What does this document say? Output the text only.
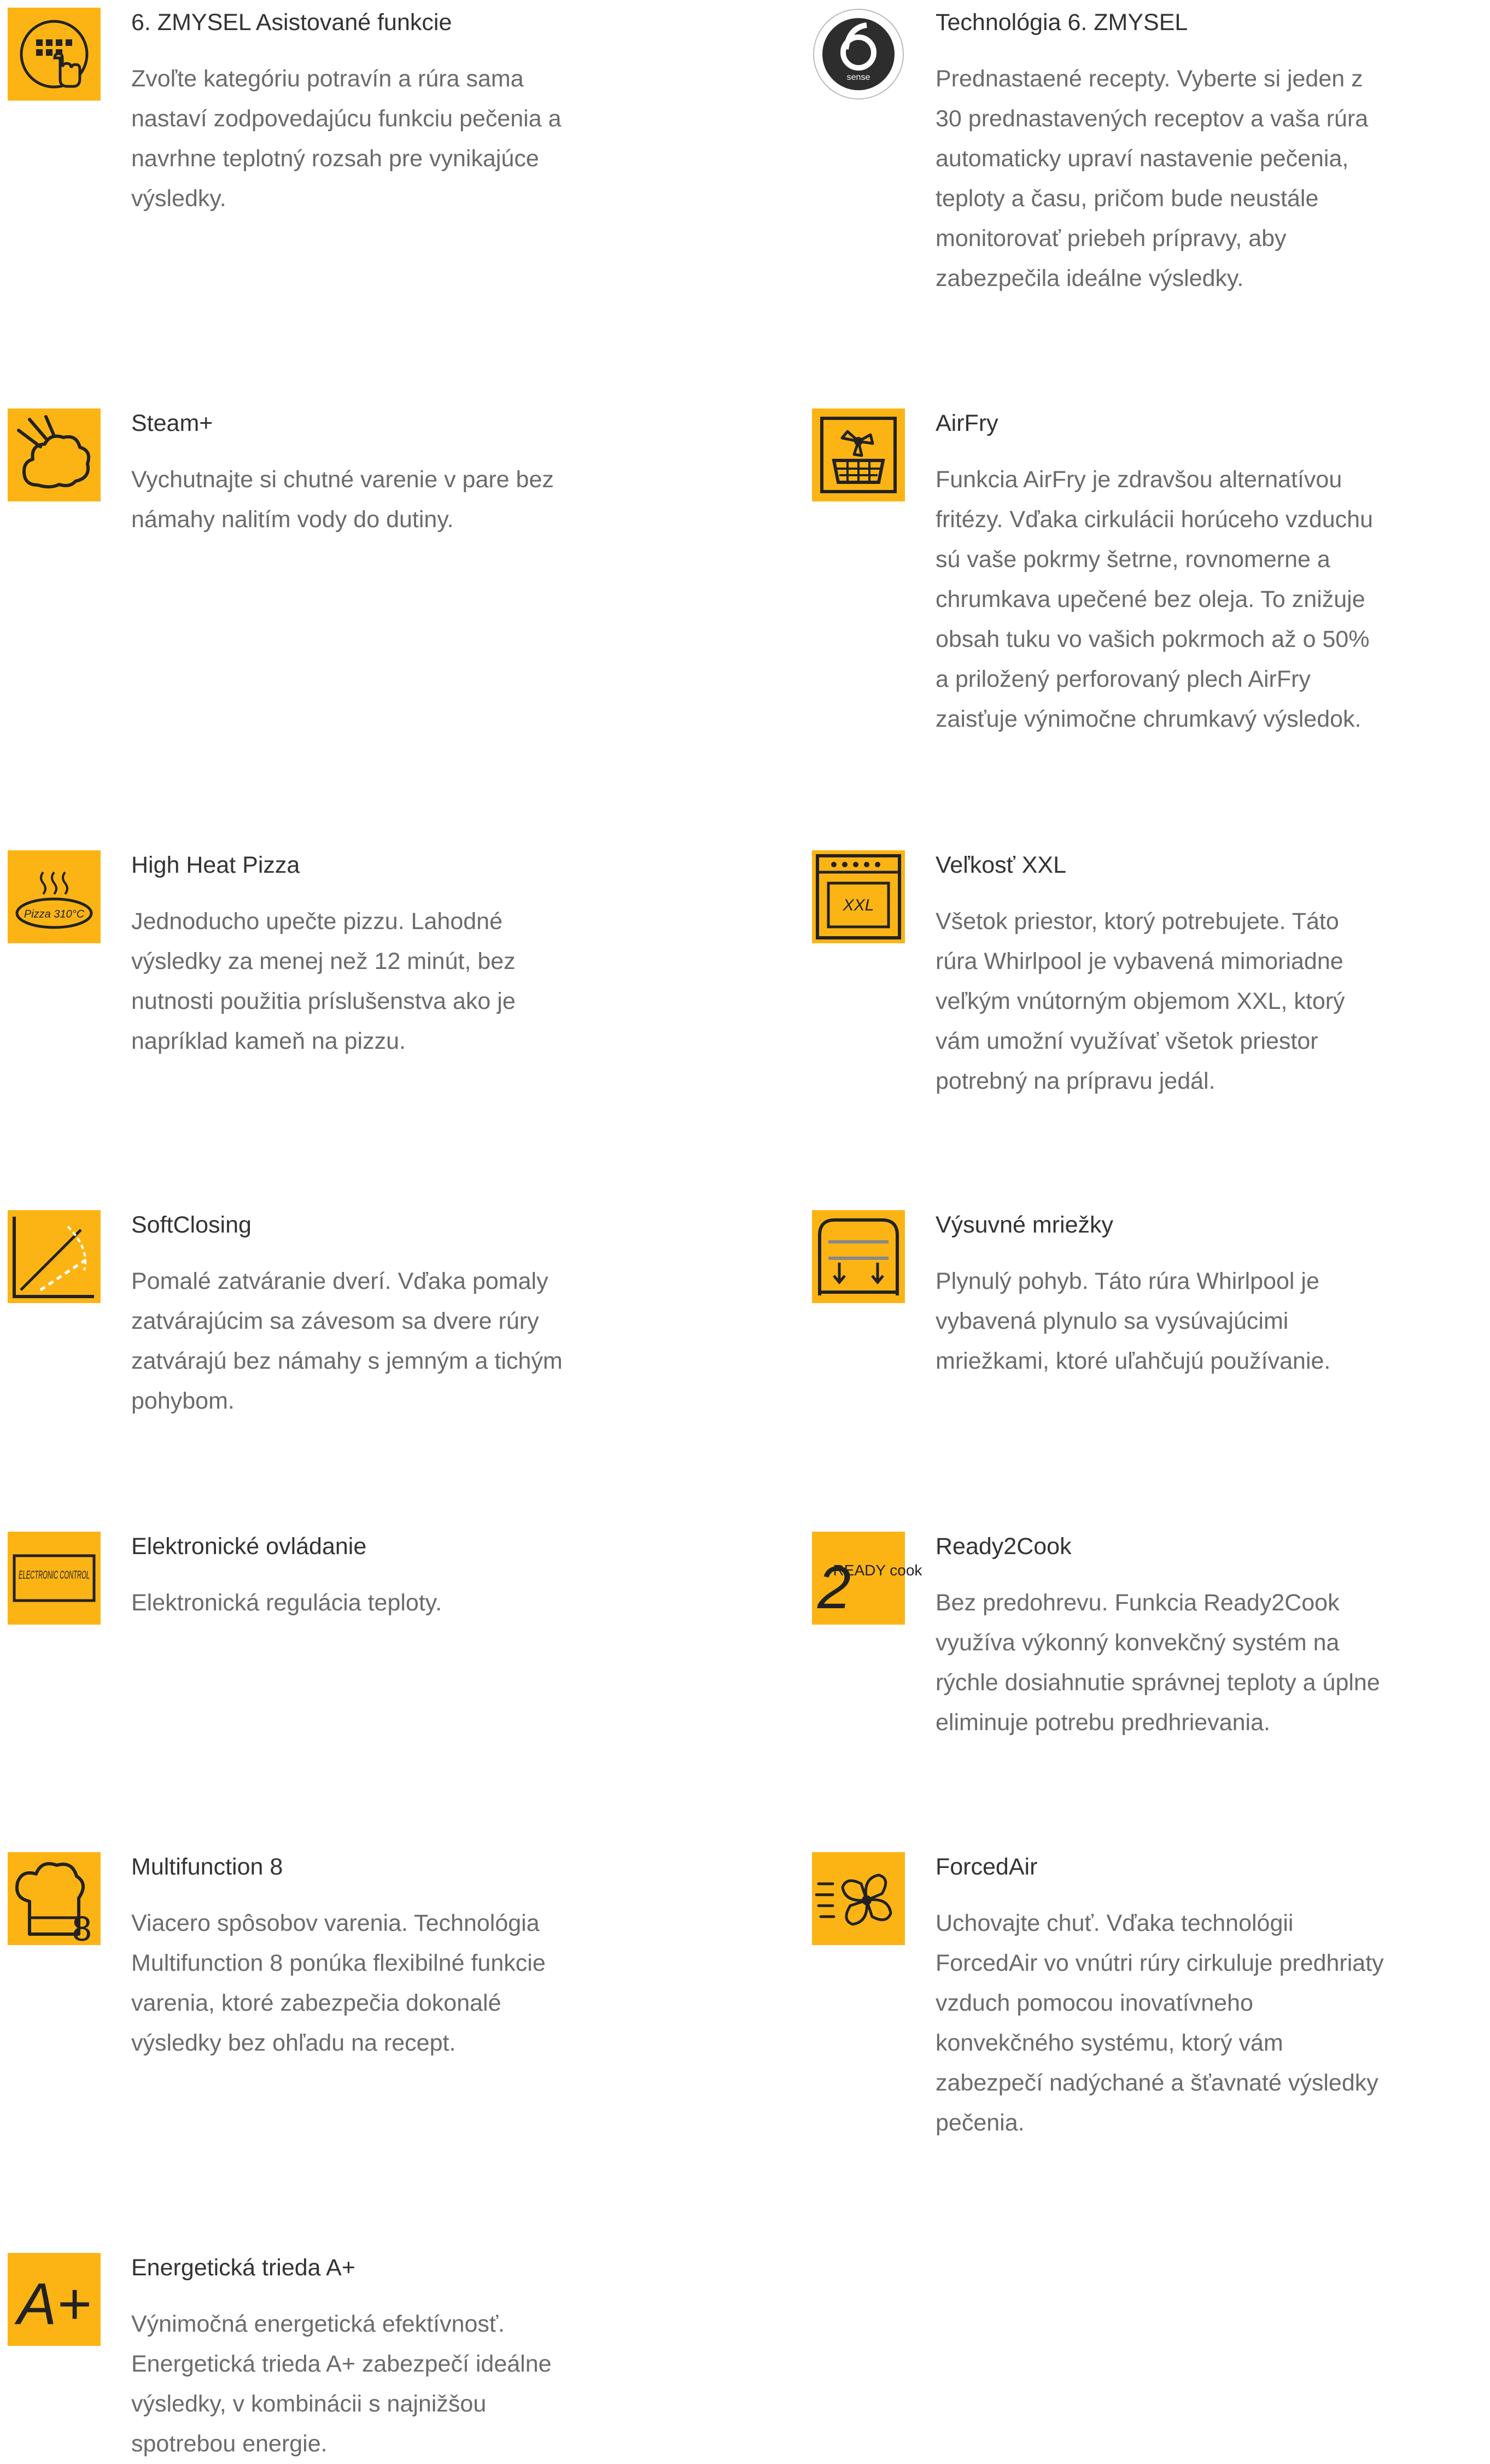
6. ZMYSEL Asistované funkcie

Zvoľte kategóriu potravín a rúra sama nastaví zodpovedajúcu funkciu pečenia a navrhne teplotný rozsah pre vynikajúce výsledky.

sense
Technológia 6. ZMYSEL

Prednastaené recepty. Vyberte si jeden z 30 prednastavených receptov a vaša rúra automaticky upraví nastavenie pečenia, teploty a času, pričom bude neustále monitorovať priebeh prípravy, aby zabezpečila ideálne výsledky.

Steam+

Vychutnajte si chutné varenie v pare bez námahy nalitím vody do dutiny.

AirFry

Funkcia AirFry je zdravšou alternatívou fritézy. Vďaka cirkulácii horúceho vzduchu sú vaše pokrmy šetrne, rovnomerne a chrumkava upečené bez oleja. To znižuje obsah tuku vo vašich pokrmoch až o 50% a priložený perforovaný plech AirFry zaisťuje výnimočne chrumkavý výsledok.

Pizza 310°C
High Heat Pizza

Jednoducho upečte pizzu. Lahodné výsledky za menej než 12 minút, bez nutnosti použitia príslušenstva ako je napríklad kameň na pizzu.

XXL
Veľkosť XXL

Všetok priestor, ktorý potrebujete. Táto rúra Whirlpool je vybavená mimoriadne veľkým vnútorným objemom XXL, ktorý vám umožní využívať všetok priestor potrebný na prípravu jedál.

SoftClosing

Pomalé zatváranie dverí. Vďaka pomaly zatvárajúcim sa závesom sa dvere rúry zatvárajú bez námahy s jemným a tichým pohybom.

Výsuvné mriežky

Plynulý pohyb. Táto rúra Whirlpool je vybavená plynulo sa vysúvajúcimi mriežkami, ktoré uľahčujú používanie.

ELECTRONIC CONTROL
Elektronické ovládanie

Elektronická regulácia teploty.	2
READY cook
Ready2Cook

Bez predohrevu. Funkcia Ready2Cook využíva výkonný konvekčný systém na rýchle dosiahnutie správnej teploty a úplne eliminuje potrebu predhrievania.

8
Multifunction 8

Viacero spôsobov varenia. Technológia Multifunction 8 ponúka flexibilné funkcie varenia, ktoré zabezpečia dokonalé výsledky bez ohľadu na recept.

ForcedAir

Uchovajte chuť. Vďaka technológii ForcedAir vo vnútri rúry cirkuluje predhriaty vzduch pomocou inovatívneho konvekčného systému, ktorý vám zabezpečí nadýchané a šťavnaté výsledky pečenia.

A+
Energetická trieda A+

Výnimočná energetická efektívnosť. Energetická trieda A+ zabezpečí ideálne výsledky, v kombinácii s najnižšou spotrebou energie.
